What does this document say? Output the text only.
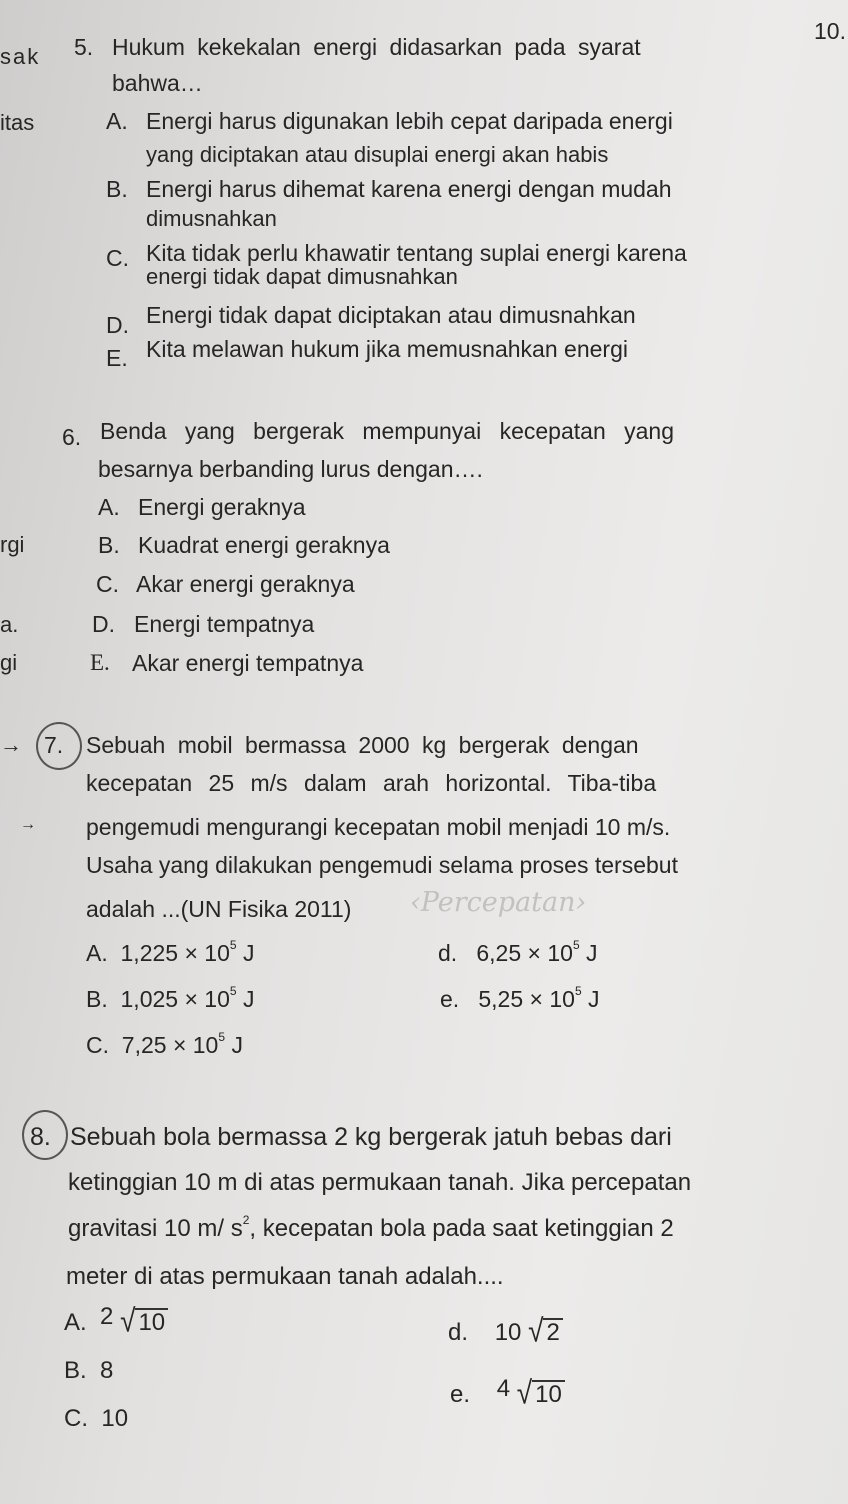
10.
sak
itas
rgi
a.
gi
→
→
5. Hukum kekekalan energi didasarkan pada syarat
bahwa…
A. Energi harus digunakan lebih cepat daripada energi
yang diciptakan atau disuplai energi akan habis
B. Energi harus dihemat karena energi dengan mudah
dimusnahkan
C. Kita tidak perlu khawatir tentang suplai energi karena
energi tidak dapat dimusnahkan
D. Energi tidak dapat diciptakan atau dimusnahkan
E. Kita melawan hukum jika memusnahkan energi
6. Benda yang bergerak mempunyai kecepatan yang
besarnya berbanding lurus dengan….
A. Energi geraknya
B. Kuadrat energi geraknya
C. Akar energi geraknya
D. Energi tempatnya
E. Akar energi tempatnya
7. Sebuah mobil bermassa 2000 kg bergerak dengan
kecepatan 25 m/s dalam arah horizontal. Tiba-tiba
pengemudi mengurangi kecepatan mobil menjadi 10 m/s.
Usaha yang dilakukan pengemudi selama proses tersebut
adalah ...(UN Fisika 2011) ‹Percepatan›
A. $1,225 \times 10^5$ J
B. $1,025 \times 10^5$ J
C. $7,25 \times 10^5$ J
d. $6,25 \times 10^5$ J
e. $5,25 \times 10^5$ J
8. Sebuah bola bermassa 2 kg bergerak jatuh bebas dari
ketinggian 10 m di atas permukaan tanah. Jika percepatan
gravitasi 10 m/ $s^2$, kecepatan bola pada saat ketinggian 2
meter di atas permukaan tanah adalah....
A. 2 √ 10
B. 8
C. 10
d. 10 √ 2
e. 4 √ 10
